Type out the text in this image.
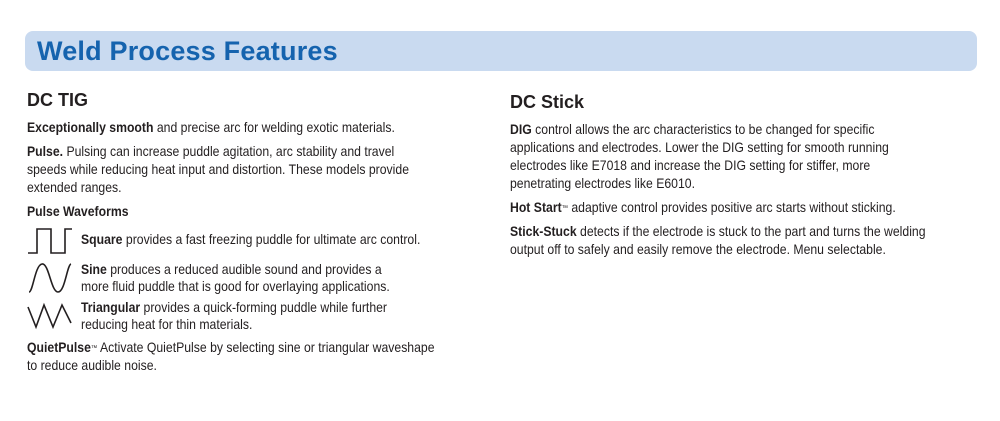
Weld Process Features
DC TIG
Exceptionally smooth and precise arc for welding exotic materials.
Pulse. Pulsing can increase puddle agitation, arc stability and travel
speeds while reducing heat input and distortion. These models provide
extended ranges.
Pulse Waveforms
Square provides a fast freezing puddle for ultimate arc control.
Sine produces a reduced audible sound and provides a
more fluid puddle that is good for overlaying applications.
Triangular provides a quick-forming puddle while further
reducing heat for thin materials.
QuietPulse™ Activate QuietPulse by selecting sine or triangular waveshape
to reduce audible noise.
DC Stick
DIG control allows the arc characteristics to be changed for specific
applications and electrodes. Lower the DIG setting for smooth running
electrodes like E7018 and increase the DIG setting for stiffer, more
penetrating electrodes like E6010.
Hot Start™ adaptive control provides positive arc starts without sticking.
Stick-Stuck detects if the electrode is stuck to the part and turns the welding
output off to safely and easily remove the electrode. Menu selectable.
